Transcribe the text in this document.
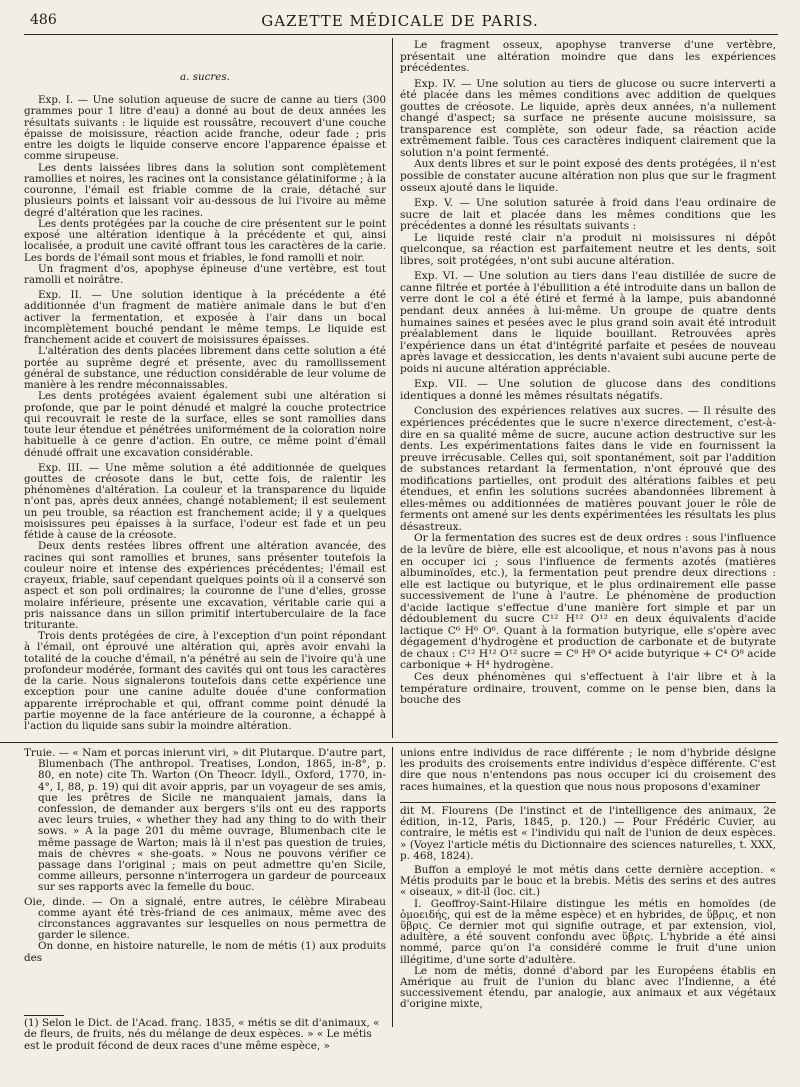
486	GAZETTE MÉDICALE DE PARIS.

a. sucres.

Exp. I. — Une solution aqueuse de sucre de canne au tiers (300 grammes pour 1 litre d'eau) a donné au bout de deux années les résultats suivants : le liquide est roussâtre, recouvert d'une couche épaisse de moisissure, réaction acide franche, odeur fade ; pris entre les doigts le liquide conserve encore l'apparence épaisse et comme sirupeuse.

Les dents laissées libres dans la solution sont complètement ramollies et noires, les racines ont la consistance gélatiniforme ; à la couronne, l'émail est friable comme de la craie, détaché sur plusieurs points et laissant voir au-dessous de lui l'ivoire au même degré d'altération que les racines.

Les dents protégées par la couche de cire présentent sur le point exposé une altération identique à la précédente et qui, ainsi localisée, a produit une cavité offrant tous les caractères de la carie. Les bords de l'émail sont mous et friables, le fond ramolli et noir.

Un fragment d'os, apophyse épineuse d'une vertèbre, est tout ramolli et noirâtre.

Exp. II. — Une solution identique à la précédente a été additionnée d'un fragment de matière animale dans le but d'en activer la fermentation, et exposée à l'air dans un bocal incomplètement bouché pendant le même temps. Le liquide est franchement acide et couvert de moisissures épaisses.

L'altération des dents placées librement dans cette solution a été portée au suprême degré et présente, avec du ramollissement général de substance, une réduction considérable de leur volume de manière à les rendre méconnaissables.

Les dents protégées avaient également subi une altération si profonde, que par le point dénudé et malgré la couche protectrice qui recouvrait le reste de la surface, elles se sont ramollies dans toute leur étendue et pénétrées uniformément de la coloration noire habituelle à ce genre d'action. En outre, ce même point d'émail dénudé offrait une excavation considérable.

Exp. III. — Une même solution a été additionnée de quelques gouttes de créosote dans le but, cette fois, de ralentir les phénomènes d'altération. La couleur et la transparence du liquide n'ont pas, après deux années, changé notablement; il est seulement un peu trouble, sa réaction est franchement acide; il y a quelques moisissures peu épaisses à la surface, l'odeur est fade et un peu fétide à cause de la créosote.

Deux dents restées libres offrent une altération avancée, des racines qui sont ramollies et brunes, sans présenter toutefois la couleur noire et intense des expériences précédentes; l'émail est crayeux, friable, sauf cependant quelques points où il a conservé son aspect et son poli ordinaires; la couronne de l'une d'elles, grosse molaire inférieure, présente une excavation, véritable carie qui a pris naissance dans un sillon primitif intertuberculaire de la face triturante.

Trois dents protégées de cire, à l'exception d'un point répondant à l'émail, ont éprouvé une altération qui, après avoir envahi la totalité de la couche d'émail, n'a pénétré au sein de l'ivoire qu'à une profondeur modérée, formant des cavités qui ont tous les caractères de la carie. Nous signalerons toutefois dans cette expérience une exception pour une canine adulte douée d'une conformation apparente irréprochable et qui, offrant comme point dénudé la partie moyenne de la face antérieure de la couronne, a échappé à l'action du liquide sans subir la moindre altération.

Le fragment osseux, apophyse tranverse d'une vertèbre, présentait une altération moindre que dans les expériences précédentes.

Exp. IV. — Une solution au tiers de glucose ou sucre interverti a été placée dans les mêmes conditions avec addition de quelques gouttes de créosote. Le liquide, après deux années, n'a nullement changé d'aspect; sa surface ne présente aucune moisissure, sa transparence est complète, son odeur fade, sa réaction acide extrêmement faible. Tous ces caractères indiquent clairement que la solution n'a point fermenté.

Aux dents libres et sur le point exposé des dents protégées, il n'est possible de constater aucune altération non plus que sur le fragment osseux ajouté dans le liquide.

Exp. V. — Une solution saturée à froid dans l'eau ordinaire de sucre de lait et placée dans les mêmes conditions que les précédentes a donné les résultats suivants :

Le liquide resté clair n'a produit ni moisissures ni dépôt quelconque, sa réaction est parfaitement neutre et les dents, soit libres, soit protégées, n'ont subi aucune altération.

Exp. VI. — Une solution au tiers dans l'eau distillée de sucre de canne filtrée et portée à l'ébullition a été introduite dans un ballon de verre dont le col a été étiré et fermé à la lampe, puis abandonné pendant deux années à lui-même. Un groupe de quatre dents humaines saines et pesées avec le plus grand soin avait été introduit préalablement dans le liquide bouillant. Retrouvées après l'expérience dans un état d'intégrité parfaite et pesées de nouveau après lavage et dessiccation, les dents n'avaient subi aucune perte de poids ni aucune altération appréciable.

Exp. VII. — Une solution de glucose dans des conditions identiques a donné les mêmes résultats négatifs.

Conclusion des expériences relatives aux sucres. — Il résulte des expériences précédentes que le sucre n'exerce directement, c'est-à-dire en sa qualité même de sucre, aucune action destructive sur les dents. Les expérimentations faites dans le vide en fournissent la preuve irrécusable. Celles qui, soit spontanément, soit par l'addition de substances retardant la fermentation, n'ont éprouvé que des modifications partielles, ont produit des altérations faibles et peu étendues, et enfin les solutions sucrées abandonnées librement à elles-mêmes ou additionnées de matières pouvant jouer le rôle de ferments ont amené sur les dents expérimentées les résultats les plus désastreux.

Or la fermentation des sucres est de deux ordres : sous l'influence de la levûre de bière, elle est alcoolique, et nous n'avons pas à nous en occuper ici ; sous l'influence de ferments azotés (matières albuminoïdes, etc.), la fermentation peut prendre deux directions : elle est lactique ou butyrique, et le plus ordinairement elle passe successivement de l'une à l'autre. Le phénomène de production d'acide lactique s'effectue d'une manière fort simple et par un dédoublement du sucre C¹² H¹² O¹² en deux équivalents d'acide lactique C⁶ H⁶ O⁶. Quant à la formation butyrique, elle s'opère avec dégagement d'hydrogène et production de carbonate et de butyrate de chaux : C¹² H¹² O¹² sucre = C⁸ H⁸ O⁴ acide butyrique + C⁴ O⁸ acide carbonique + H⁴ hydrogène.

Ces deux phénomènes qui s'effectuent à l'air libre et à la température ordinaire, trouvent, comme on le pense bien, dans la bouche des

Truie. — « Nam et porcas inierunt viri, » dit Plutarque. D'autre part, Blumenbach (The anthropol. Treatises, London, 1865, in-8°, p. 80, en note) cite Th. Warton (On Theocr. Idyll., Oxford, 1770, in-4°, I, 88, p. 19) qui dit avoir appris, par un voyageur de ses amis, que les prêtres de Sicile ne manquaient jamais, dans la confession, de demander aux bergers s'ils ont eu des rapports avec leurs truies, « whether they had any thing to do with their sows. » A la page 201 du même ouvrage, Blumenbach cite le même passage de Warton; mais là il n'est pas question de truies, mais de chèvres « she-goats. » Nous ne pouvons vérifier ce passage dans l'original ; mais on peut admettre qu'en Sicile, comme ailleurs, personne n'interrogera un gardeur de pourceaux sur ses rapports avec la femelle du bouc.

Oie, dinde. — On a signalé, entre autres, le célèbre Mirabeau comme ayant été très-friand de ces animaux, même avec des circonstances aggravantes sur lesquelles on nous permettra de garder le silence.

On donne, en histoire naturelle, le nom de métis (1) aux produits des

(1) Selon le Dict. de l'Acad. franç. 1835, « métis se dit d'animaux, « de fleurs, de fruits, nés du mélange de deux espèces. » « Le métis est le produit fécond de deux races d'une même espèce, »

unions entre individus de race différente ; le nom d'hybride désigne les produits des croisements entre individus d'espèce différente. C'est dire que nous n'entendons pas nous occuper ici du croisement des races humaines, et la question que nous nous proposons d'examiner

dit M. Flourens (De l'instinct et de l'intelligence des animaux, 2e édition, in-12, Paris, 1845, p. 120.) — Pour Frédéric Cuvier, au contraire, le métis est « l'individu qui naît de l'union de deux espèces. » (Voyez l'article métis du Dictionnaire des sciences naturelles, t. XXX, p. 468, 1824).

Buffon a employé le mot métis dans cette dernière acception. « Métis produits par le bouc et la brebis. Métis des serins et des autres « oiseaux, » dit-il (loc. cit.)

I. Geoffroy-Saint-Hilaire distingue les métis en homoïdes (de ὁμοειδής, qui est de la même espèce) et en hybrides, de ὕβρις, et non ὕβρις. Ce dernier mot qui signifie outrage, et par extension, viol, adultère, a été souvent confondu avec ὕβρις. L'hybride a été ainsi nommé, parce qu'on l'a considéré comme le fruit d'une union illégitime, d'une sorte d'adultère.

Le nom de métis, donné d'abord par les Européens établis en Amérique au fruit de l'union du blanc avec l'Indienne, a été successivement étendu, par analogie, aux animaux et aux végétaux d'origine mixte,
